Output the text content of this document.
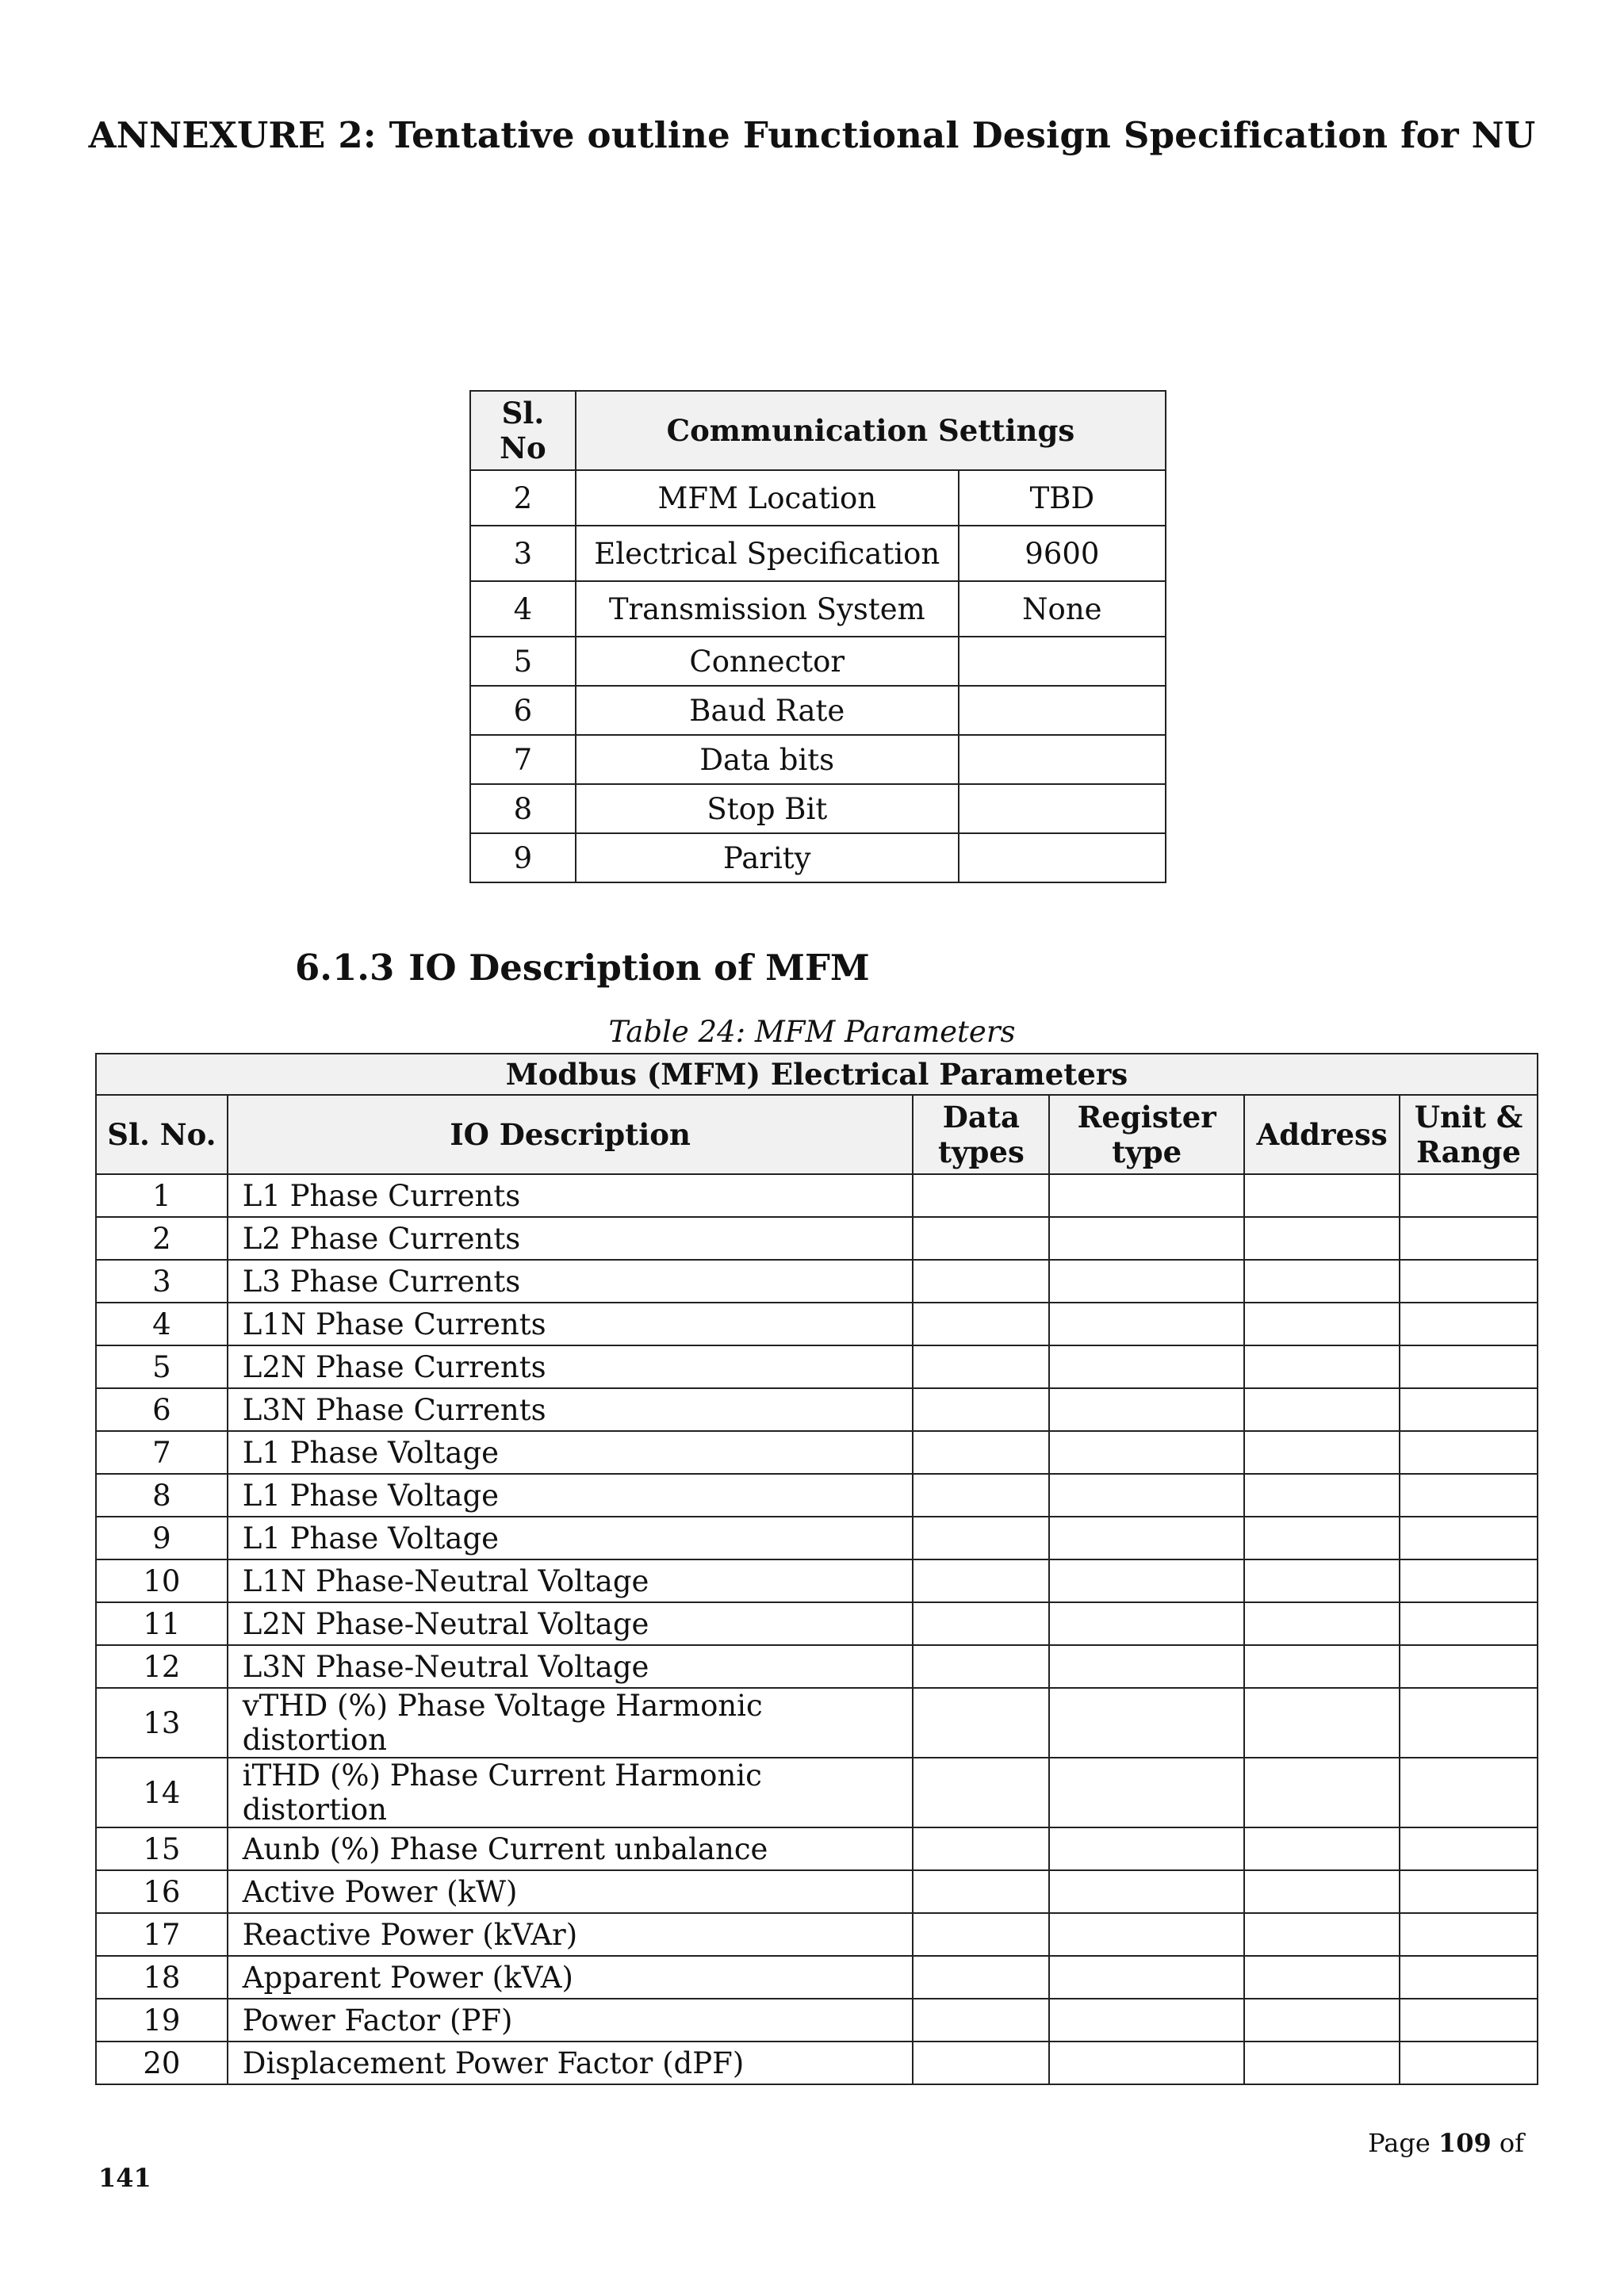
ANNEXURE 2: Tentative outline Functional Design Specification for NU
Sl. No	Communication Settings	
2	MFM Location	TBD
3	Electrical Specification	9600
4	Transmission System	None
5	Connector	
6	Baud Rate	
7	Data bits	
8	Stop Bit	
9	Parity	
6.1.3 IO Description of MFM
Table 24: MFM Parameters
Modbus (MFM) Electrical Parameters					
Sl. No.	IO Description	Data types	Register type	Address	Unit & Range
1	L1 Phase Currents				
2	L2 Phase Currents				
3	L3 Phase Currents				
4	L1N Phase Currents				
5	L2N Phase Currents				
6	L3N Phase Currents				
7	L1 Phase Voltage				
8	L1 Phase Voltage				
9	L1 Phase Voltage				
10	L1N Phase-Neutral Voltage				
11	L2N Phase-Neutral Voltage				
12	L3N Phase-Neutral Voltage				
13	vTHD (%) Phase Voltage Harmonic distortion				
14	iTHD (%) Phase Current Harmonic distortion				
15	Aunb (%) Phase Current unbalance				
16	Active Power (kW)				
17	Reactive Power (kVAr)				
18	Apparent Power (kVA)				
19	Power Factor (PF)				
20	Displacement Power Factor (dPF)				
Page 109 of
141
